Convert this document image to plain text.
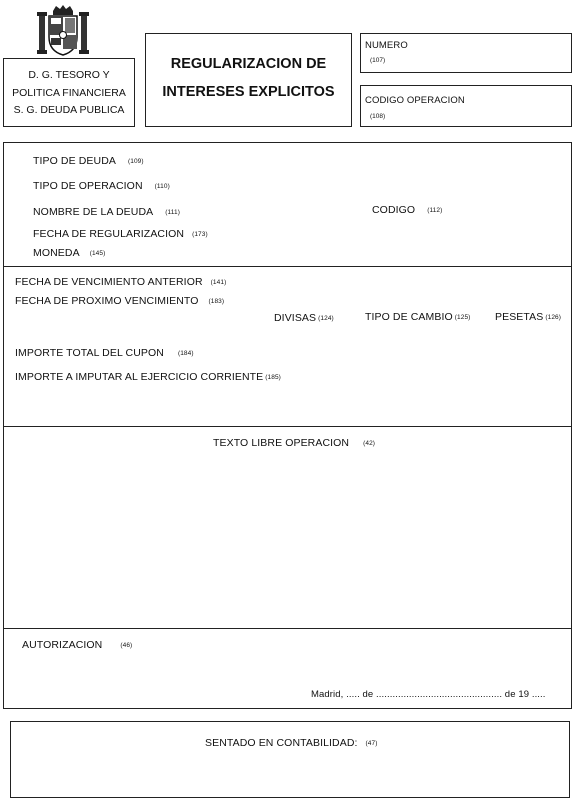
D. G. TESORO Y
POLITICA FINANCIERA
S. G. DEUDA PUBLICA
REGULARIZACION DE
INTERESES EXPLICITOS
NUMERO
(107)
CODIGO OPERACION
(108)
TIPO DE DEUDA (109)
TIPO DE OPERACION (110)
NOMBRE DE LA DEUDA (111)	CODIGO (112)
FECHA DE REGULARIZACION (173)
MONEDA (145)
FECHA DE VENCIMIENTO ANTERIOR (141)
FECHA DE PROXIMO VENCIMIENTO (183)
DIVISAS (124)	TIPO DE CAMBIO (125) PESETAS (126)
IMPORTE TOTAL DEL CUPON (184)
IMPORTE A IMPUTAR AL EJERCICIO CORRIENTE (185)
TEXTO LIBRE OPERACION (42)
AUTORIZACION	(46)
Madrid, ..... de .............................................. de 19 .....
SENTADO EN CONTABILIDAD: (47)
